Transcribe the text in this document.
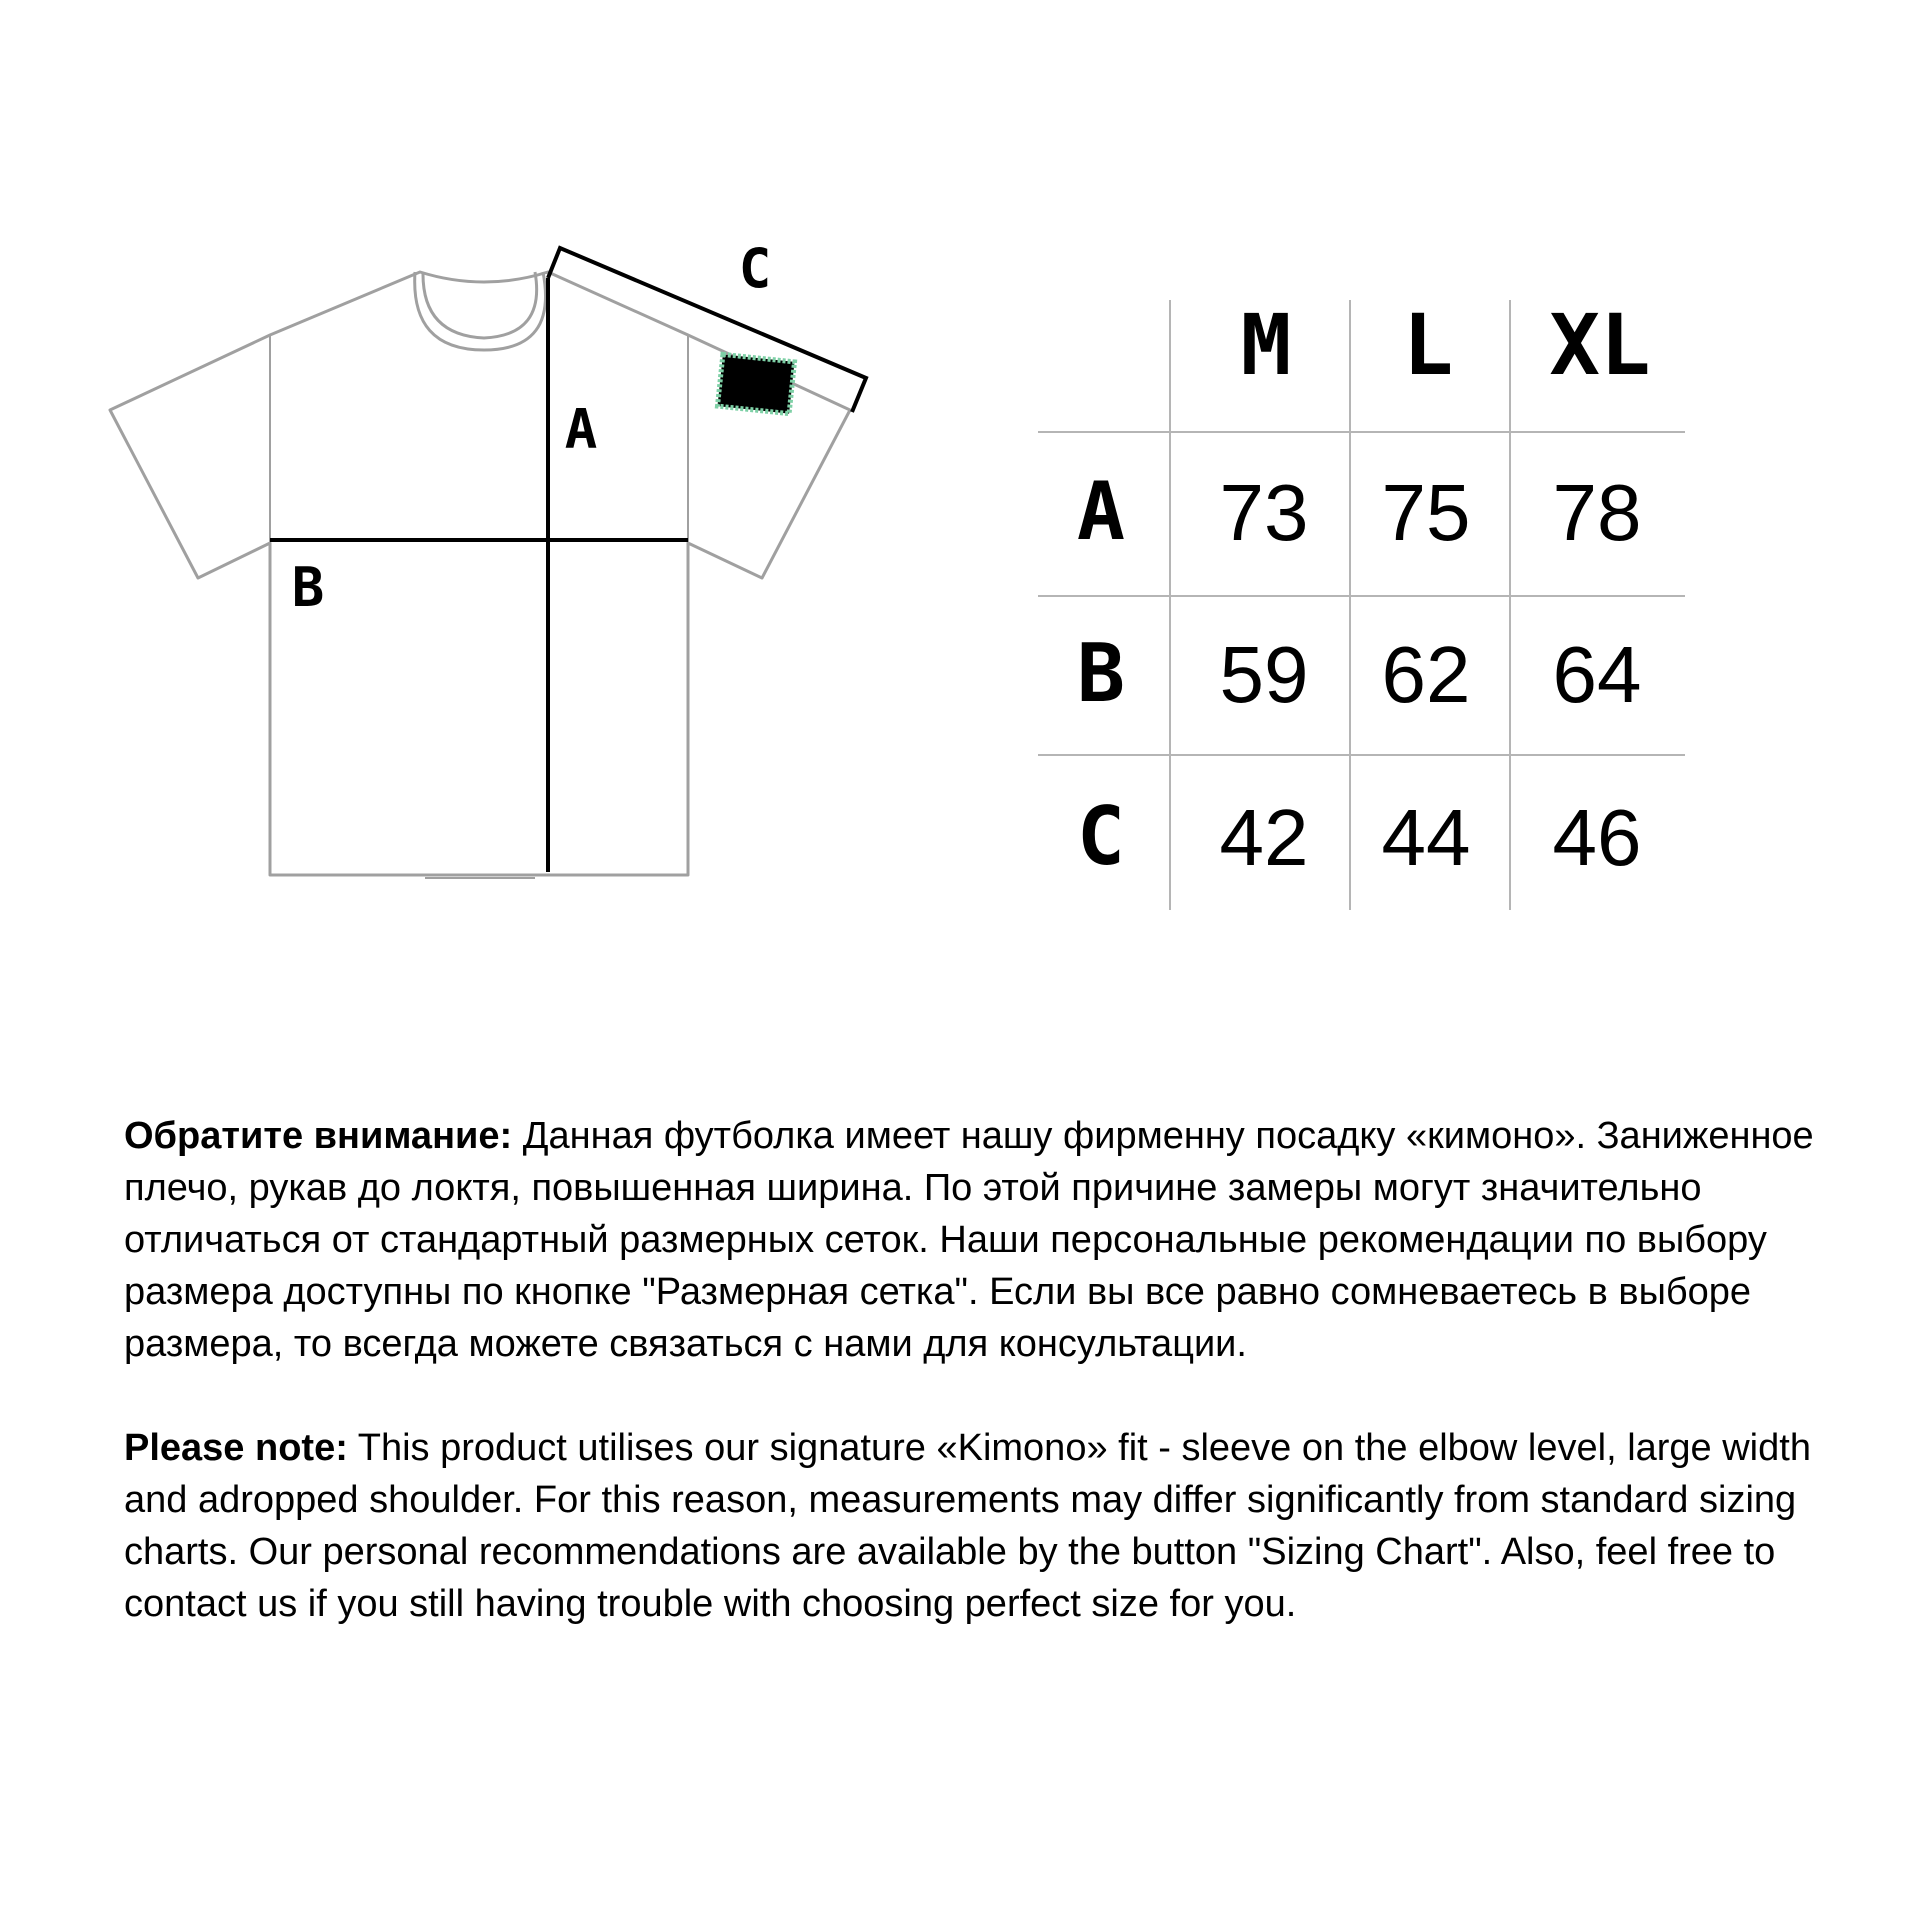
A
B
C
M L XL
A
B
C
73 75 78
59 62 64
42 44 46

Обратите внимание: Данная футболка имеет нашу фирменну посадку «кимоно». Заниженное плечо, рукав до локтя, повышенная ширина. По этой причине замеры могут значительно отличаться от стандартный размерных сеток. Наши персональные рекомендации по выбору размера доступны по кнопке "Размерная сетка". Если вы все равно сомневаетесь в выборе размера, то всегда можете связаться с нами для консультации.

Please note: This product utilises our signature «Kimono» fit - sleeve on the elbow level, large width and adropped shoulder. For this reason, measurements may differ significantly from standard sizing charts. Our personal recommendations are available by the button "Sizing Chart". Also, feel free to contact us if you still having trouble with choosing perfect size for you.
